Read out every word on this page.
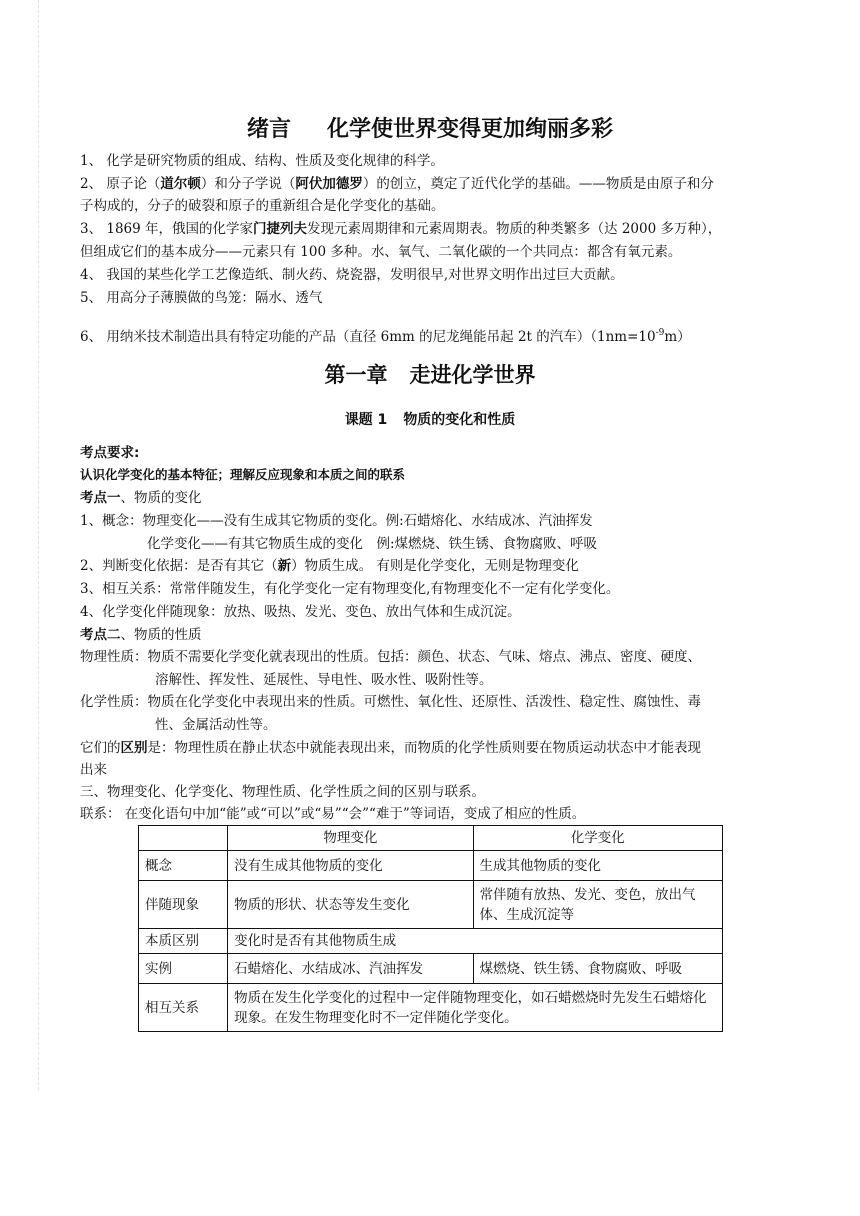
绪言 化学使世界变得更加绚丽多彩
1、 化学是研究物质的组成、结构、性质及变化规律的科学。
2、 原子论（道尔顿）和分子学说（阿伏加德罗）的创立，奠定了近代化学的基础。——物质是由原子和分
子构成的，分子的破裂和原子的重新组合是化学变化的基础。
3、 1869 年，俄国的化学家门捷列夫发现元素周期律和元素周期表。物质的种类繁多（达 2000 多万种），
但组成它们的基本成分——元素只有 100 多种。水、氧气、二氧化碳的一个共同点：都含有氧元素。
4、 我国的某些化学工艺像造纸、制火药、烧瓷器，发明很早,对世界文明作出过巨大贡献。
5、 用高分子薄膜做的鸟笼：隔水、透气
6、 用纳米技术制造出具有特定功能的产品（直径 6mm 的尼龙绳能吊起 2t 的汽车）$(1nm=10^{-9}m)$
第一章 走进化学世界
课题 1 物质的变化和性质
考点要求:
认识化学变化的基本特征；理解反应现象和本质之间的联系
考点一、物质的变化
1、概念：物理变化——没有生成其它物质的变化。例:石蜡熔化、水结成冰、汽油挥发
化学变化——有其它物质生成的变化　例:煤燃烧、铁生锈、食物腐败、呼吸
2、判断变化依据：是否有其它（新）物质生成。 有则是化学变化，无则是物理变化
3、相互关系：常常伴随发生，有化学变化一定有物理变化,有物理变化不一定有化学变化。
4、化学变化伴随现象：放热、吸热、发光、变色、放出气体和生成沉淀。
考点二、物质的性质
物理性质：物质不需要化学变化就表现出的性质。包括：颜色、状态、气味、熔点、沸点、密度、硬度、
溶解性、挥发性、延展性、导电性、吸水性、吸附性等。
化学性质：物质在化学变化中表现出来的性质。可燃性、氧化性、还原性、活泼性、稳定性、腐蚀性、毒
性、金属活动性等。
它们的区别是：物理性质在静止状态中就能表现出来，而物质的化学性质则要在物质运动状态中才能表现
出来
三、物理变化、化学变化、物理性质、化学性质之间的区别与联系。
联系： 在变化语句中加“能”或“可以”或“易”“会”“难于”等词语，变成了相应的性质。
	物理变化	化学变化
概念	没有生成其他物质的变化	生成其他物质的变化
伴随现象	物质的形状、状态等发生变化	常伴随有放热、发光、变色，放出气体、生成沉淀等
本质区别	变化时是否有其他物质生成	
实例	石蜡熔化、水结成冰、汽油挥发	煤燃烧、铁生锈、食物腐败、呼吸
相互关系	物质在发生化学变化的过程中一定伴随物理变化，如石蜡燃烧时先发生石蜡熔化现象。在发生物理变化时不一定伴随化学变化。	
